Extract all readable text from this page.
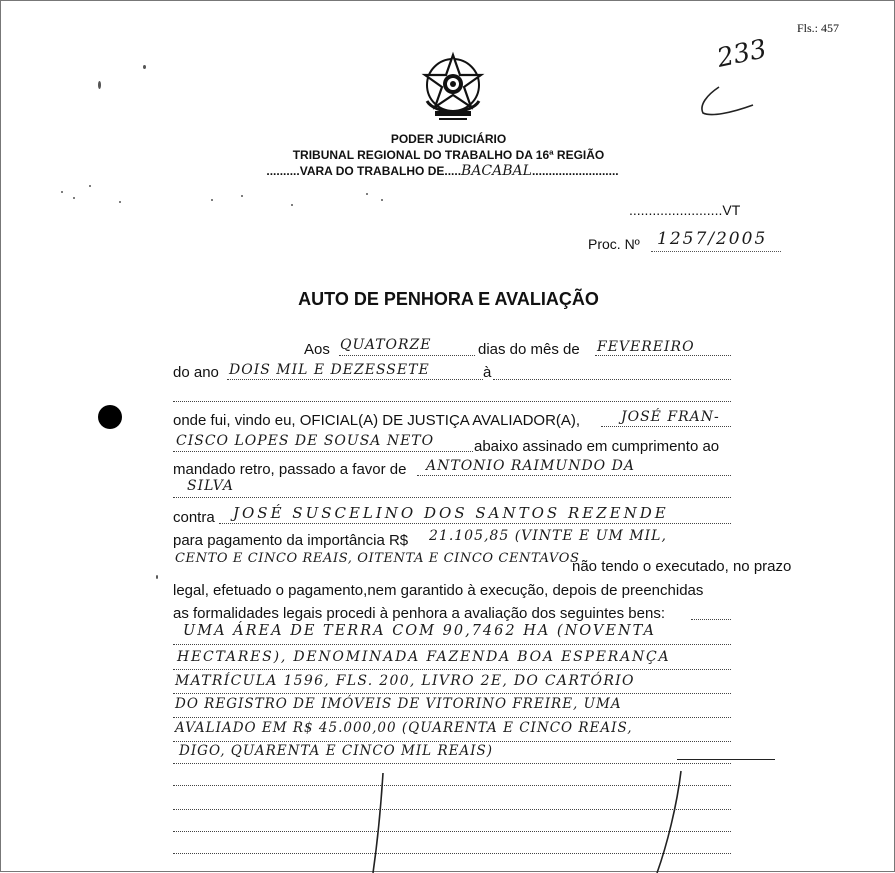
Fls.: 457
233
PODER JUDICIÁRIO
TRIBUNAL REGIONAL DO TRABALHO DA 16ª REGIÃO
..........VARA DO TRABALHO DE.....BACABAL..........................
........................VT
Proc. Nº 1257/2005
AUTO DE PENHORA E AVALIAÇÃO
Aos QUATORZE	dias do mês de FEVEREIRO
do ano DOIS MIL E DEZESSETE	à
onde fui, vindo eu, OFICIAL(A) DE JUSTIÇA AVALIADOR(A),	JOSÉ FRAN-
CISCO LOPES DE SOUSA NETO	abaixo assinado em cumprimento ao
mandado retro, passado a favor de ANTONIO RAIMUNDO DA
SILVA
contra JOSÉ SUSCELINO DOS SANTOS REZENDE
para pagamento da importância R$ 21.105,85 (VINTE E UM MIL,
CENTO E CINCO REAIS, OITENTA E CINCO CENTAVOS
não tendo o executado, no prazo
legal, efetuado o pagamento,nem garantido à execução, depois de preenchidas
as formalidades legais procedi à penhora a avaliação dos seguintes bens:
UMA ÁREA DE TERRA COM 90,7462 HA (NOVENTA
HECTARES), DENOMINADA FAZENDA BOA ESPERANÇA
MATRÍCULA 1596, FLS. 200, LIVRO 2E, DO CARTÓRIO
DO REGISTRO DE IMÓVEIS DE VITORINO FREIRE, UMA
AVALIADO EM R$ 45.000,00 (QUARENTA E CINCO REAIS,
DIGO, QUARENTA E CINCO MIL REAIS)
